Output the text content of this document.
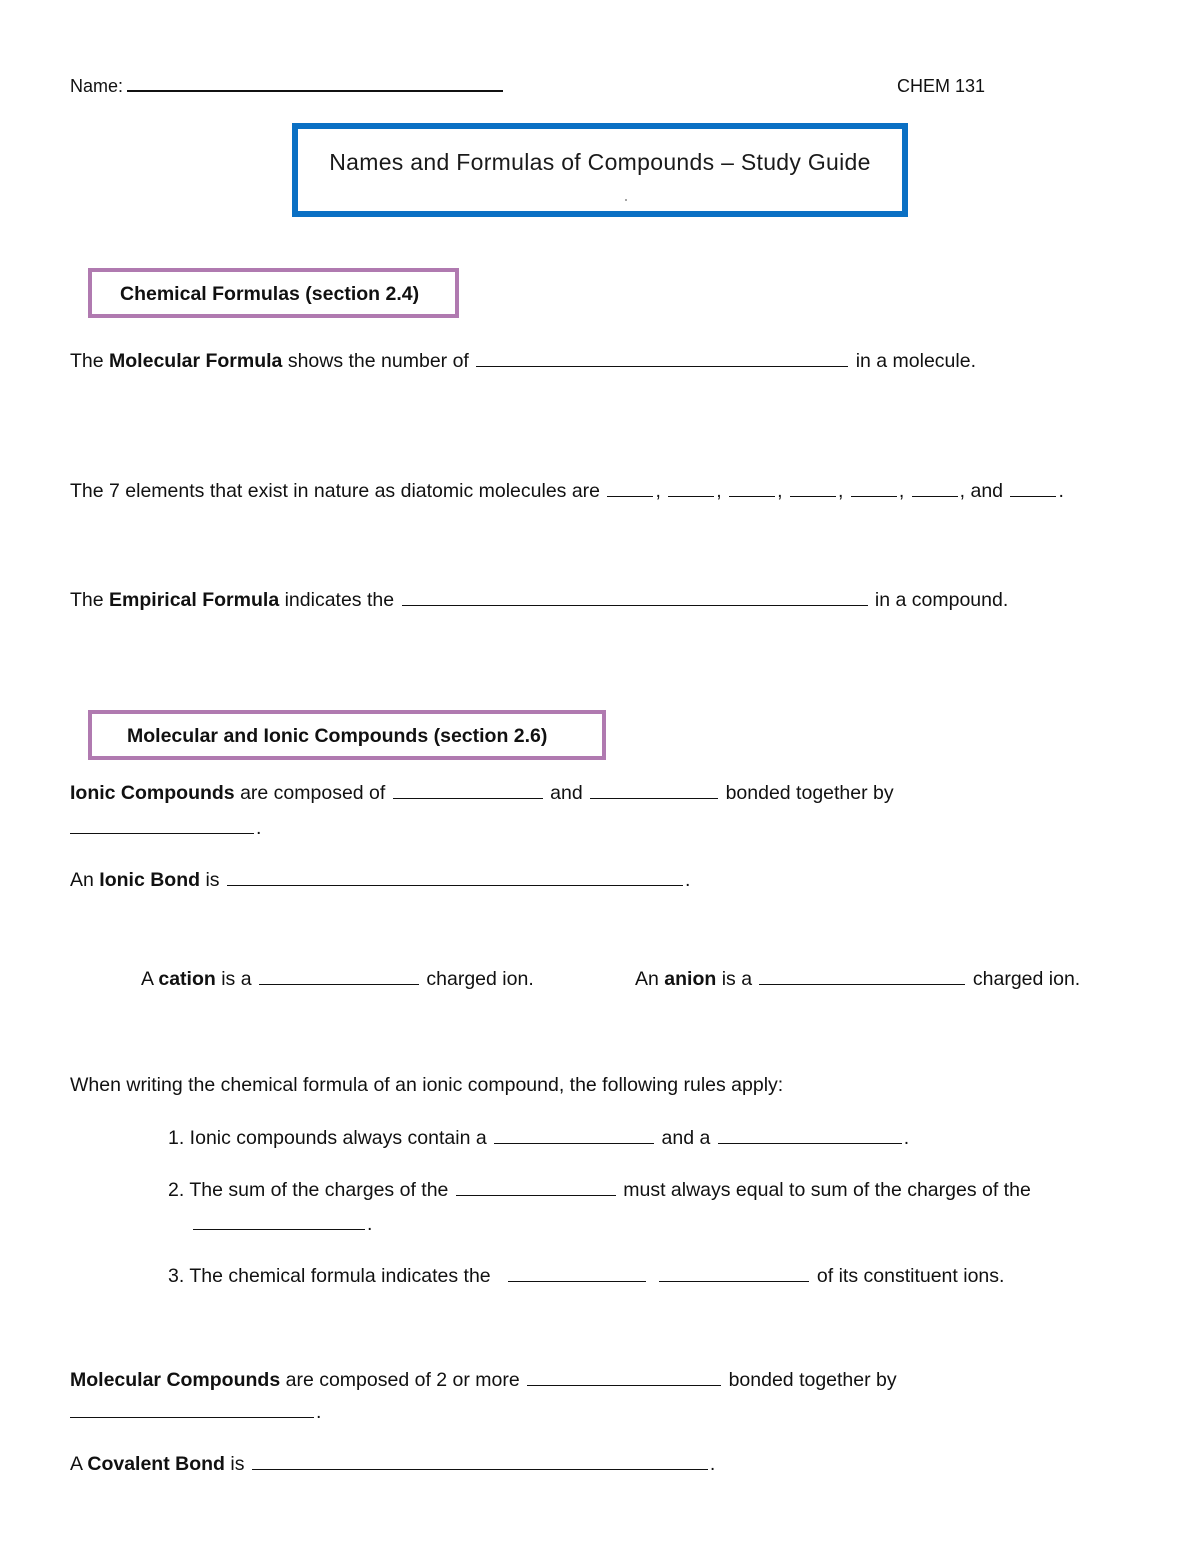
Name:	CHEM 131
Names and Formulas of Compounds – Study Guide
Chemical Formulas (section 2.4)
The Molecular Formula shows the number of	in a molecule.
The 7 elements that exist in nature as diatomic molecules are	,	,	,	,	,	, and	.
The Empirical Formula indicates the	in a compound.
Molecular and Ionic Compounds (section 2.6)
Ionic Compounds are composed of	and	bonded together by
.
An Ionic Bond is	.
A cation is a	charged ion.	An anion is a	charged ion.
When writing the chemical formula of an ionic compound, the following rules apply:
1. Ionic compounds always contain a	and a	.
2. The sum of the charges of the	must always equal to sum of the charges of the
.
3. The chemical formula indicates the	of its constituent ions.
Molecular Compounds are composed of 2 or more	bonded together by
.
A Covalent Bond is	.
